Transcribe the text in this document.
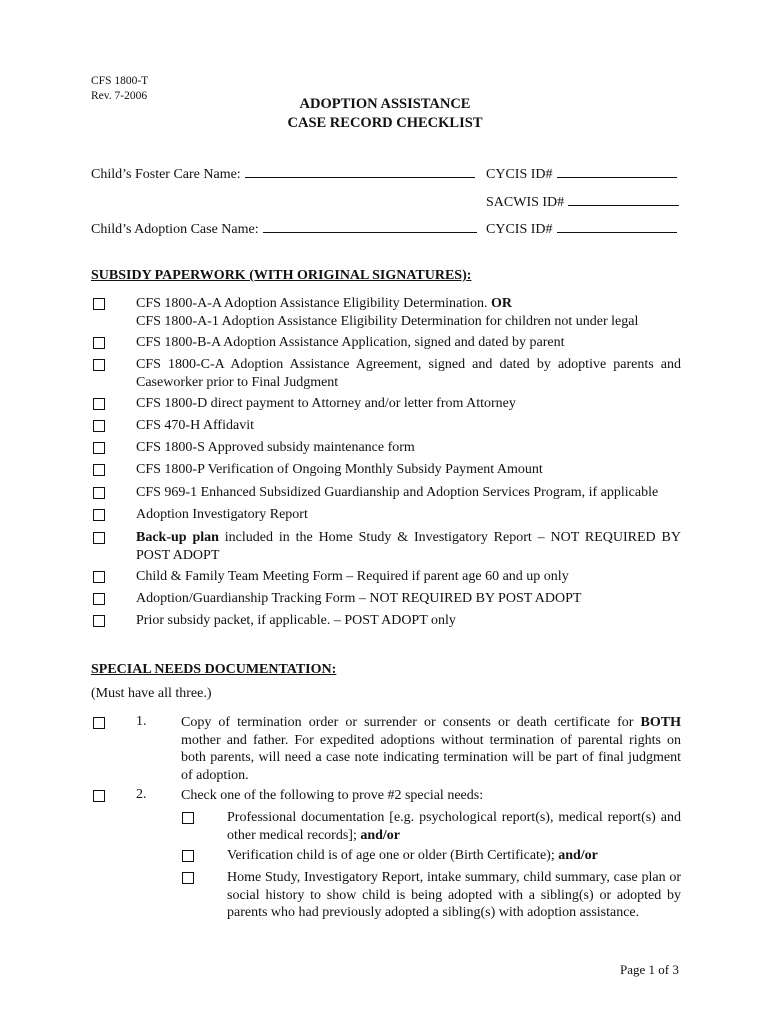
CFS 1800-T
Rev. 7-2006	ADOPTION ASSISTANCE
CASE RECORD CHECKLIST
Child’s Foster Care Name:	CYCIS ID#
SACWIS ID#
Child’s Adoption Case Name:	CYCIS ID#
SUBSIDY PAPERWORK (WITH ORIGINAL SIGNATURES):
CFS 1800-A-A Adoption Assistance Eligibility Determination. OR
CFS 1800-A-1 Adoption Assistance Eligibility Determination for children not under legal
CFS 1800-B-A Adoption Assistance Application, signed and dated by parent
CFS 1800-C-A Adoption Assistance Agreement, signed and dated by adoptive parents and Caseworker prior to Final Judgment
CFS 1800-D direct payment to Attorney and/or letter from Attorney
CFS 470-H Affidavit
CFS 1800-S Approved subsidy maintenance form
CFS 1800-P Verification of Ongoing Monthly Subsidy Payment Amount
CFS 969-1 Enhanced Subsidized Guardianship and Adoption Services Program, if applicable
Adoption Investigatory Report
Back-up plan included in the Home Study & Investigatory Report – NOT REQUIRED BY POST ADOPT
Child & Family Team Meeting Form – Required if parent age 60 and up only
Adoption/Guardianship Tracking Form – NOT REQUIRED BY POST ADOPT
Prior subsidy packet, if applicable. – POST ADOPT only
SPECIAL NEEDS DOCUMENTATION:
(Must have all three.)
1. Copy of termination order or surrender or consents or death certificate for BOTH mother and father. For expedited adoptions without termination of parental rights on both parents, will need a case note indicating termination will be part of final judgment of adoption.
2. Check one of the following to prove #2 special needs:
Professional documentation [e.g. psychological report(s), medical report(s) and other medical records]; and/or
Verification child is of age one or older (Birth Certificate); and/or
Home Study, Investigatory Report, intake summary, child summary, case plan or social history to show child is being adopted with a sibling(s) or adopted by parents who had previously adopted a sibling(s) with adoption assistance.
Page 1 of 3
